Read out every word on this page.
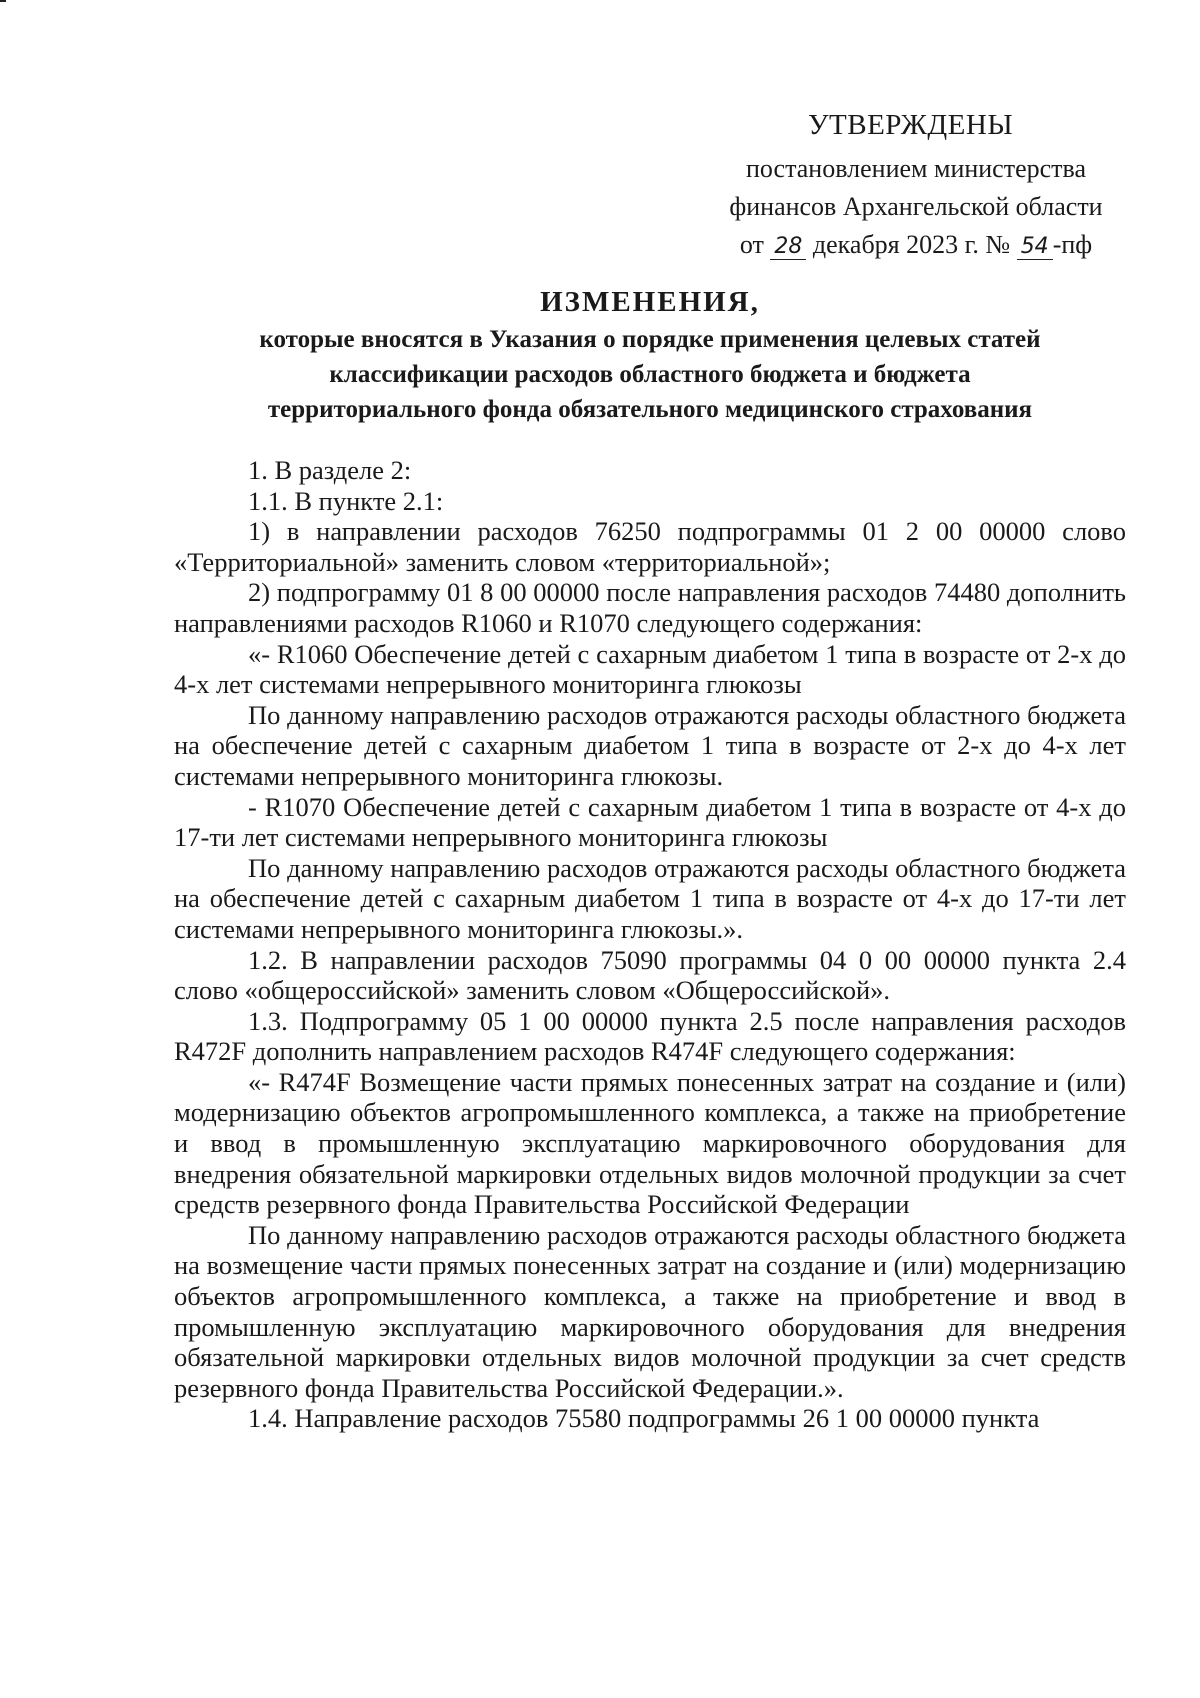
УТВЕРЖДЕНЫ
постановлением министерства
финансов Архангельской области
от 28 декабря 2023 г. № 54 -пф
ИЗМЕНЕНИЯ,
которые вносятся в Указания о порядке применения целевых статей
классификации расходов областного бюджета и бюджета
территориального фонда обязательного медицинского страхования

1. В разделе 2:

1.1. В пункте 2.1:

1) в направлении расходов 76250 подпрограммы 01 2 00 00000 слово «Территориальной» заменить словом «территориальной»;

2) подпрограмму 01 8 00 00000 после направления расходов 74480 дополнить направлениями расходов R1060 и R1070 следующего содержания:

«- R1060 Обеспечение детей с сахарным диабетом 1 типа в возрасте от 2-х до 4-х лет системами непрерывного мониторинга глюкозы

По данному направлению расходов отражаются расходы областного бюджета на обеспечение детей с сахарным диабетом 1 типа в возрасте от 2-х до 4-х лет системами непрерывного мониторинга глюкозы.

- R1070 Обеспечение детей с сахарным диабетом 1 типа в возрасте от 4-х до 17-ти лет системами непрерывного мониторинга глюкозы

По данному направлению расходов отражаются расходы областного бюджета на обеспечение детей с сахарным диабетом 1 типа в возрасте от 4-х до 17-ти лет системами непрерывного мониторинга глюкозы.».

1.2. В направлении расходов 75090 программы 04 0 00 00000 пункта 2.4 слово «общероссийской» заменить словом «Общероссийской».

1.3. Подпрограмму 05 1 00 00000 пункта 2.5 после направления расходов R472F дополнить направлением расходов R474F следующего содержания:

«- R474F Возмещение части прямых понесенных затрат на создание и (или) модернизацию объектов агропромышленного комплекса, а также на приобретение и ввод в промышленную эксплуатацию маркировочного оборудования для внедрения обязательной маркировки отдельных видов молочной продукции за счет средств резервного фонда Правительства Российской Федерации

По данному направлению расходов отражаются расходы областного бюджета на возмещение части прямых понесенных затрат на создание и (или) модернизацию объектов агропромышленного комплекса, а также на приобретение и ввод в промышленную эксплуатацию маркировочного оборудования для внедрения обязательной маркировки отдельных видов молочной продукции за счет средств резервного фонда Правительства Российской Федерации.».

1.4. Направление расходов 75580 подпрограммы 26 1 00 00000 пункта
